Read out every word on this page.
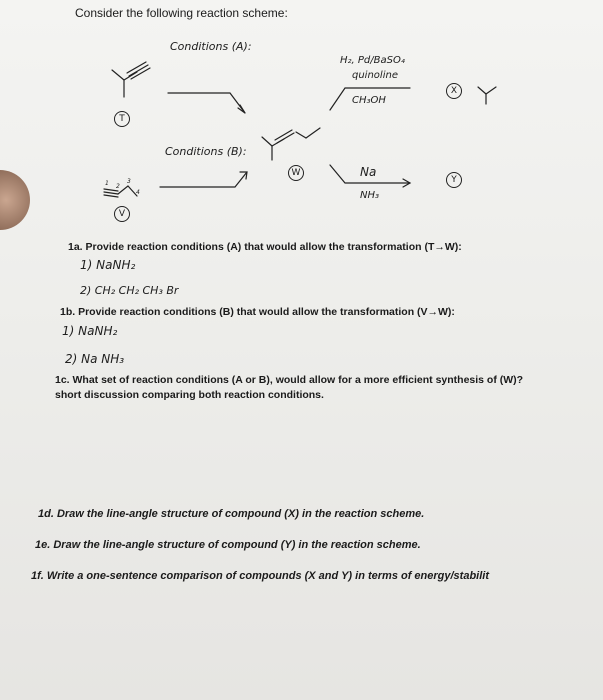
Consider the following reaction scheme:
Conditions (A):
H₂, Pd/BaSO₄
quinoline
CH₃OH
Conditions (B):
Na
NH₃
T
V
W
X
Y
1 2
3
4
1a. Provide reaction conditions (A) that would allow the transformation (T→W):
1) NaNH₂
2) CH₂ CH₂ CH₃ Br
1b. Provide reaction conditions (B) that would allow the transformation (V→W):
1) NaNH₂
2) Na NH₃
1c. What set of reaction conditions (A or B), would allow for a more efficient synthesis of (W)?
short discussion comparing both reaction conditions.
1d. Draw the line-angle structure of compound (X) in the reaction scheme.
1e. Draw the line-angle structure of compound (Y) in the reaction scheme.
1f. Write a one-sentence comparison of compounds (X and Y) in terms of energy/stabilit
